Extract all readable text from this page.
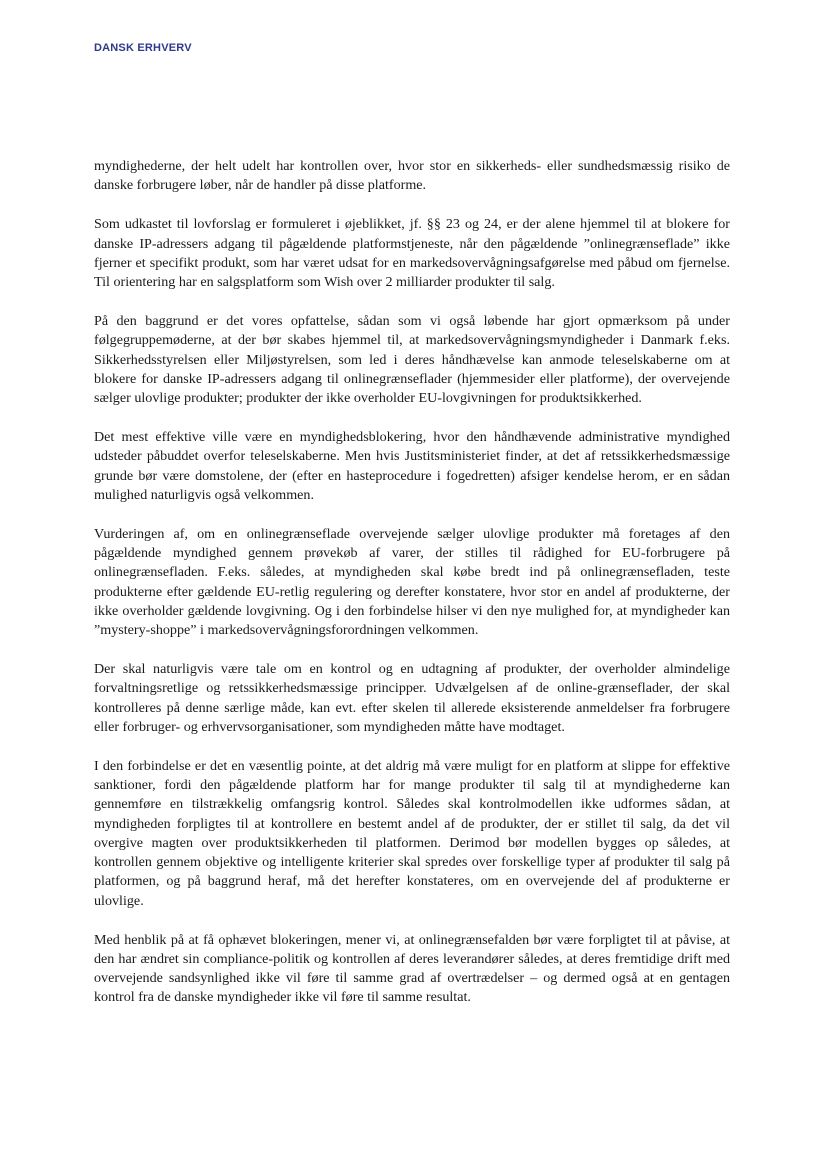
DANSK ERHVERV

myndighederne, der helt udelt har kontrollen over, hvor stor en sikkerheds- eller sundhedsmæssig risiko de danske forbrugere løber, når de handler på disse platforme.

Som udkastet til lovforslag er formuleret i øjeblikket, jf. §§ 23 og 24, er der alene hjemmel til at blokere for danske IP-adressers adgang til pågældende platformstjeneste, når den pågældende ”onlinegrænseflade” ikke fjerner et specifikt produkt, som har været udsat for en markedsovervågningsafgørelse med påbud om fjernelse. Til orientering har en salgsplatform som Wish over 2 milliarder produkter til salg.

På den baggrund er det vores opfattelse, sådan som vi også løbende har gjort opmærksom på under følgegruppemøderne, at der bør skabes hjemmel til, at markedsovervågningsmyndigheder i Danmark f.eks. Sikkerhedsstyrelsen eller Miljøstyrelsen, som led i deres håndhævelse kan anmode teleselskaberne om at blokere for danske IP-adressers adgang til onlinegrænseflader (hjemmesider eller platforme), der overvejende sælger ulovlige produkter; produkter der ikke overholder EU-lovgivningen for produktsikkerhed.

Det mest effektive ville være en myndighedsblokering, hvor den håndhævende administrative myndighed udsteder påbuddet overfor teleselskaberne. Men hvis Justitsministeriet finder, at det af retssikkerhedsmæssige grunde bør være domstolene, der (efter en hasteprocedure i fogedretten) afsiger kendelse herom, er en sådan mulighed naturligvis også velkommen.

Vurderingen af, om en onlinegrænseflade overvejende sælger ulovlige produkter må foretages af den pågældende myndighed gennem prøvekøb af varer, der stilles til rådighed for EU-forbrugere på onlinegrænsefladen. F.eks. således, at myndigheden skal købe bredt ind på onlinegrænsefladen, teste produkterne efter gældende EU-retlig regulering og derefter konstatere, hvor stor en andel af produkterne, der ikke overholder gældende lovgivning. Og i den forbindelse hilser vi den nye mulighed for, at myndigheder kan ”mystery-shoppe” i markedsovervågningsforordningen velkommen.

Der skal naturligvis være tale om en kontrol og en udtagning af produkter, der overholder almindelige forvaltningsretlige og retssikkerhedsmæssige principper. Udvælgelsen af de online-grænseflader, der skal kontrolleres på denne særlige måde, kan evt. efter skelen til allerede eksisterende anmeldelser fra forbrugere eller forbruger- og erhvervsorganisationer, som myndigheden måtte have modtaget.

I den forbindelse er det en væsentlig pointe, at det aldrig må være muligt for en platform at slippe for effektive sanktioner, fordi den pågældende platform har for mange produkter til salg til at myndighederne kan gennemføre en tilstrækkelig omfangsrig kontrol. Således skal kontrolmodellen ikke udformes sådan, at myndigheden forpligtes til at kontrollere en bestemt andel af de produkter, der er stillet til salg, da det vil overgive magten over produktsikkerheden til platformen. Derimod bør modellen bygges op således, at kontrollen gennem objektive og intelligente kriterier skal spredes over forskellige typer af produkter til salg på platformen, og på baggrund heraf, må det herefter konstateres, om en overvejende del af produkterne er ulovlige.

Med henblik på at få ophævet blokeringen, mener vi, at onlinegrænsefalden bør være forpligtet til at påvise, at den har ændret sin compliance-politik og kontrollen af deres leverandører således, at deres fremtidige drift med overvejende sandsynlighed ikke vil føre til samme grad af overtrædelser – og dermed også at en gentagen kontrol fra de danske myndigheder ikke vil føre til samme resultat.
